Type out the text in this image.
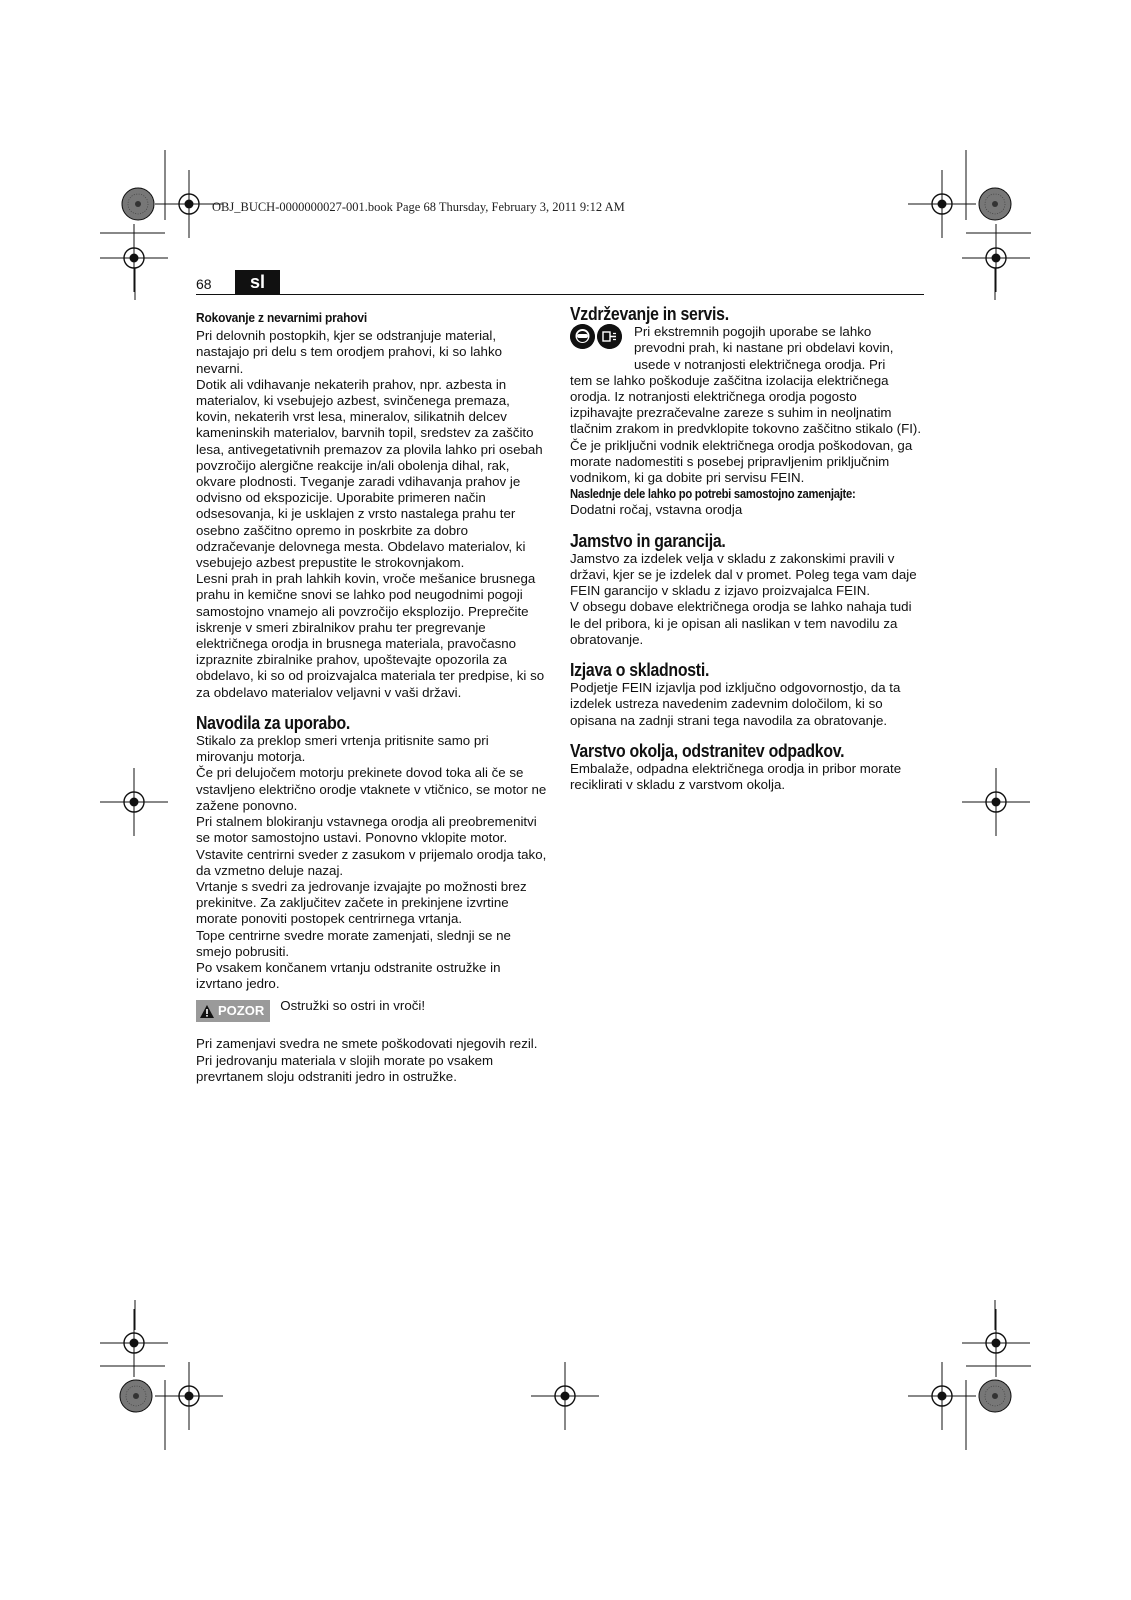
OBJ_BUCH-0000000027-001.book Page 68 Thursday, February 3, 2011 9:12 AM
68	sl
Rokovanje z nevarnimi prahovi

Pri delovnih postopkih, kjer se odstranjuje material, nastajajo pri delu s tem orodjem prahovi, ki so lahko nevarni.

Dotik ali vdihavanje nekaterih prahov, npr. azbesta in materialov, ki vsebujejo azbest, svinčenega premaza, kovin, nekaterih vrst lesa, mineralov, silikatnih delcev kameninskih materialov, barvnih topil, sredstev za zaščito lesa, antivegetativnih premazov za plovila lahko pri osebah povzročijo alergične reakcije in/ali obolenja dihal, rak, okvare plodnosti. Tveganje zaradi vdihavanja prahov je odvisno od ekspozicije. Uporabite primeren način odsesovanja, ki je usklajen z vrsto nastalega prahu ter osebno zaščitno opremo in poskrbite za dobro odzračevanje delovnega mesta. Obdelavo materialov, ki vsebujejo azbest prepustite le strokovnjakom.

Lesni prah in prah lahkih kovin, vroče mešanice brusnega prahu in kemične snovi se lahko pod neugodnimi pogoji samostojno vnamejo ali povzročijo eksplozijo. Preprečite iskrenje v smeri zbiralnikov prahu ter pregrevanje električnega orodja in brusnega materiala, pravočasno izpraznite zbiralnike prahov, upoštevajte opozorila za obdelavo, ki so od proizvajalca materiala ter predpise, ki so za obdelavo materialov veljavni v vaši državi.

Navodila za uporabo.

Stikalo za preklop smeri vrtenja pritisnite samo pri mirovanju motorja.

Če pri delujočem motorju prekinete dovod toka ali če se vstavljeno električno orodje vtaknete v vtičnico, se motor ne zažene ponovno.

Pri stalnem blokiranju vstavnega orodja ali preobremenitvi se motor samostojno ustavi. Ponovno vklopite motor.

Vstavite centrirni sveder z zasukom v prijemalo orodja tako, da vzmetno deluje nazaj.

Vrtanje s svedri za jedrovanje izvajajte po možnosti brez prekinitve. Za zaključitev začete in prekinjene izvrtine morate ponoviti postopek centrirnega vrtanja.

Tope centrirne svedre morate zamenjati, slednji se ne smejo pobrusiti.

Po vsakem končanem vrtanju odstranite ostružke in izvrtano jedro.

POZOR Ostružki so ostri in vroči!

Pri zamenjavi svedra ne smete poškodovati njegovih rezil.

Pri jedrovanju materiala v slojih morate po vsakem prevrtanem sloju odstraniti jedro in ostružke.

Vzdrževanje in servis.

Pri ekstremnih pogojih uporabe se lahko

prevodni prah, ki nastane pri obdelavi kovin,

usede v notranjosti električnega orodja. Pri

tem se lahko poškoduje zaščitna izolacija električnega orodja. Iz notranjosti električnega orodja pogosto izpihavajte prezračevalne zareze s suhim in neoljnatim tlačnim zrakom in predvklopite tokovno zaščitno stikalo (FI).

Če je priključni vodnik električnega orodja poškodovan, ga morate nadomestiti s posebej pripravljenim priključnim vodnikom, ki ga dobite pri servisu FEIN.

Naslednje dele lahko po potrebi samostojno zamenjajte:

Dodatni ročaj, vstavna orodja

Jamstvo in garancija.

Jamstvo za izdelek velja v skladu z zakonskimi pravili v državi, kjer se je izdelek dal v promet. Poleg tega vam daje FEIN garancijo v skladu z izjavo proizvajalca FEIN.

V obsegu dobave električnega orodja se lahko nahaja tudi le del pribora, ki je opisan ali naslikan v tem navodilu za obratovanje.

Izjava o skladnosti.

Podjetje FEIN izjavlja pod izključno odgovornostjo, da ta izdelek ustreza navedenim zadevnim določilom, ki so opisana na zadnji strani tega navodila za obratovanje.

Varstvo okolja, odstranitev odpadkov.

Embalaže, odpadna električnega orodja in pribor morate reciklirati v skladu z varstvom okolja.
